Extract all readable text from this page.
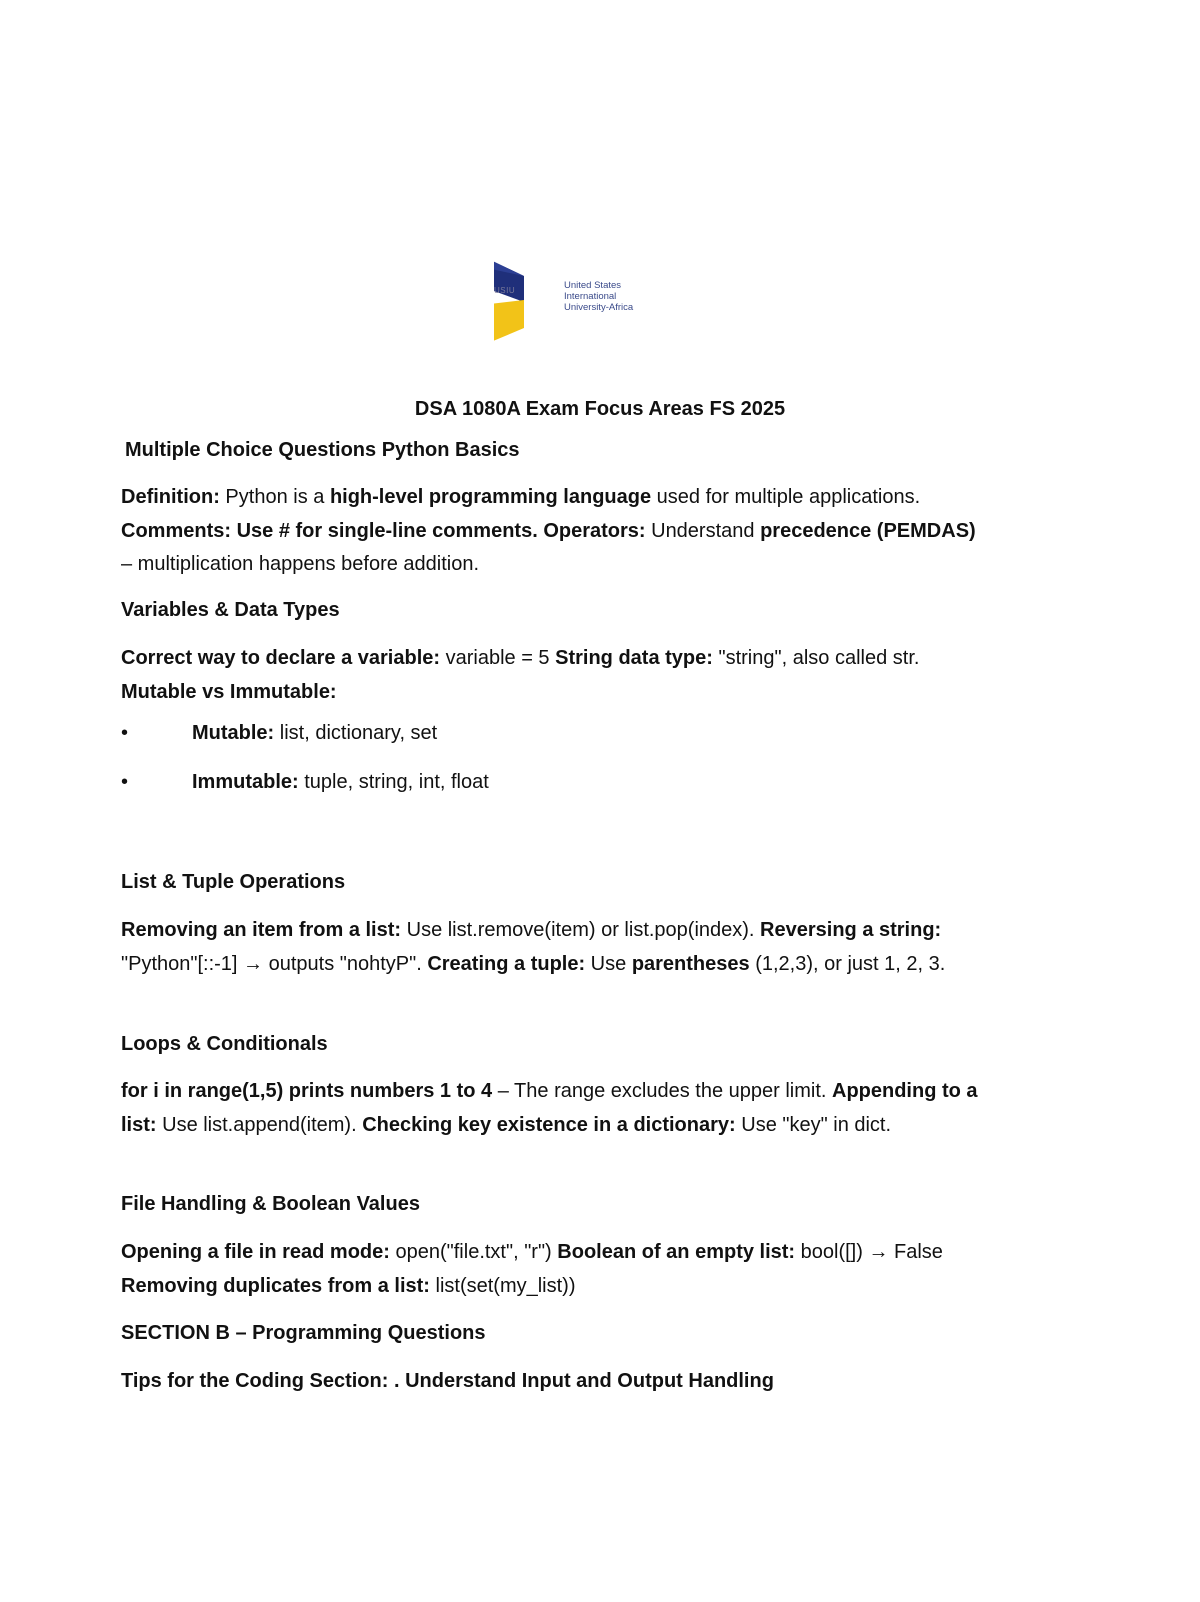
USIU	United States
International
University-Africa
DSA 1080A Exam Focus Areas FS 2025
Multiple Choice Questions Python Basics
Definition: Python is a high-level programming language used for multiple applications. Comments: Use # for single-line comments. Operators: Understand precedence (PEMDAS) – multiplication happens before addition.
Variables & Data Types
Correct way to declare a variable: variable = 5 String data type: "string", also called str. Mutable vs Immutable:
•	Mutable: list, dictionary, set
•	Immutable: tuple, string, int, float
List & Tuple Operations
Removing an item from a list: Use list.remove(item) or list.pop(index). Reversing a string: "Python"[::-1] → outputs "nohtyP". Creating a tuple: Use parentheses (1,2,3), or just 1, 2, 3.
Loops & Conditionals
for i in range(1,5) prints numbers 1 to 4 – The range excludes the upper limit. Appending to a list: Use list.append(item). Checking key existence in a dictionary: Use "key" in dict.
File Handling & Boolean Values
Opening a file in read mode: open("file.txt", "r") Boolean of an empty list: bool([]) → False Removing duplicates from a list: list(set(my_list))
SECTION B – Programming Questions
Tips for the Coding Section: . Understand Input and Output Handling
